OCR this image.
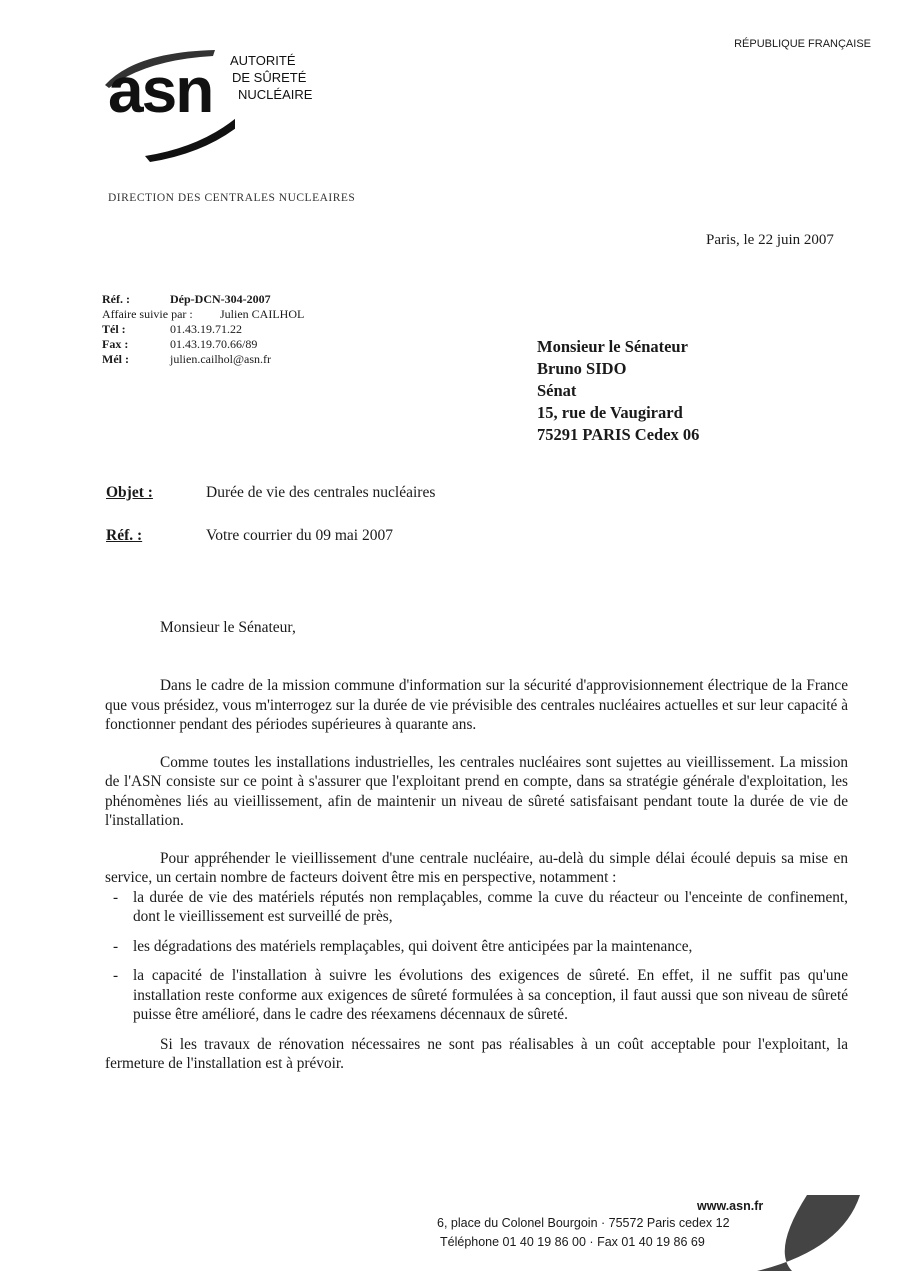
asn AUTORITÉ
DE SÛRETÉ
NUCLÉAIRE
RÉPUBLIQUE FRANÇAISE
DIRECTION DES CENTRALES NUCLEAIRES
Paris, le 22 juin 2007
Réf. :	Dép-DCN-304-2007
Affaire suivie par : Julien CAILHOL
Tél :	01.43.19.71.22
Fax :	01.43.19.70.66/89
Mél :	julien.cailhol@asn.fr
Monsieur le Sénateur
Bruno SIDO
Sénat
15, rue de Vaugirard
75291 PARIS Cedex 06
Objet :	Durée de vie des centrales nucléaires
Réf. :	Votre courrier du 09 mai 2007
Monsieur le Sénateur,

Dans le cadre de la mission commune d'information sur la sécurité d'approvisionnement électrique de la France que vous présidez, vous m'interrogez sur la durée de vie prévisible des centrales nucléaires actuelles et sur leur capacité à fonctionner pendant des périodes supérieures à quarante ans.

Comme toutes les installations industrielles, les centrales nucléaires sont sujettes au vieillissement. La mission de l'ASN consiste sur ce point à s'assurer que l'exploitant prend en compte, dans sa stratégie générale d'exploitation, les phénomènes liés au vieillissement, afin de maintenir un niveau de sûreté satisfaisant pendant toute la durée de vie de l'installation.

Pour appréhender le vieillissement d'une centrale nucléaire, au-delà du simple délai écoulé depuis sa mise en service, un certain nombre de facteurs doivent être mis en perspective, notamment :

- la durée de vie des matériels réputés non remplaçables, comme la cuve du réacteur ou l'enceinte de confinement, dont le vieillissement est surveillé de près,

- les dégradations des matériels remplaçables, qui doivent être anticipées par la maintenance,

- la capacité de l'installation à suivre les évolutions des exigences de sûreté. En effet, il ne suffit pas qu'une installation reste conforme aux exigences de sûreté formulées à sa conception, il faut aussi que son niveau de sûreté puisse être amélioré, dans le cadre des réexamens décennaux de sûreté.

Si les travaux de rénovation nécessaires ne sont pas réalisables à un coût acceptable pour l'exploitant, la fermeture de l'installation est à prévoir.

www.asn.fr
6, place du Colonel Bourgoin · 75572 Paris cedex 12
Téléphone 01 40 19 86 00 · Fax 01 40 19 86 69
